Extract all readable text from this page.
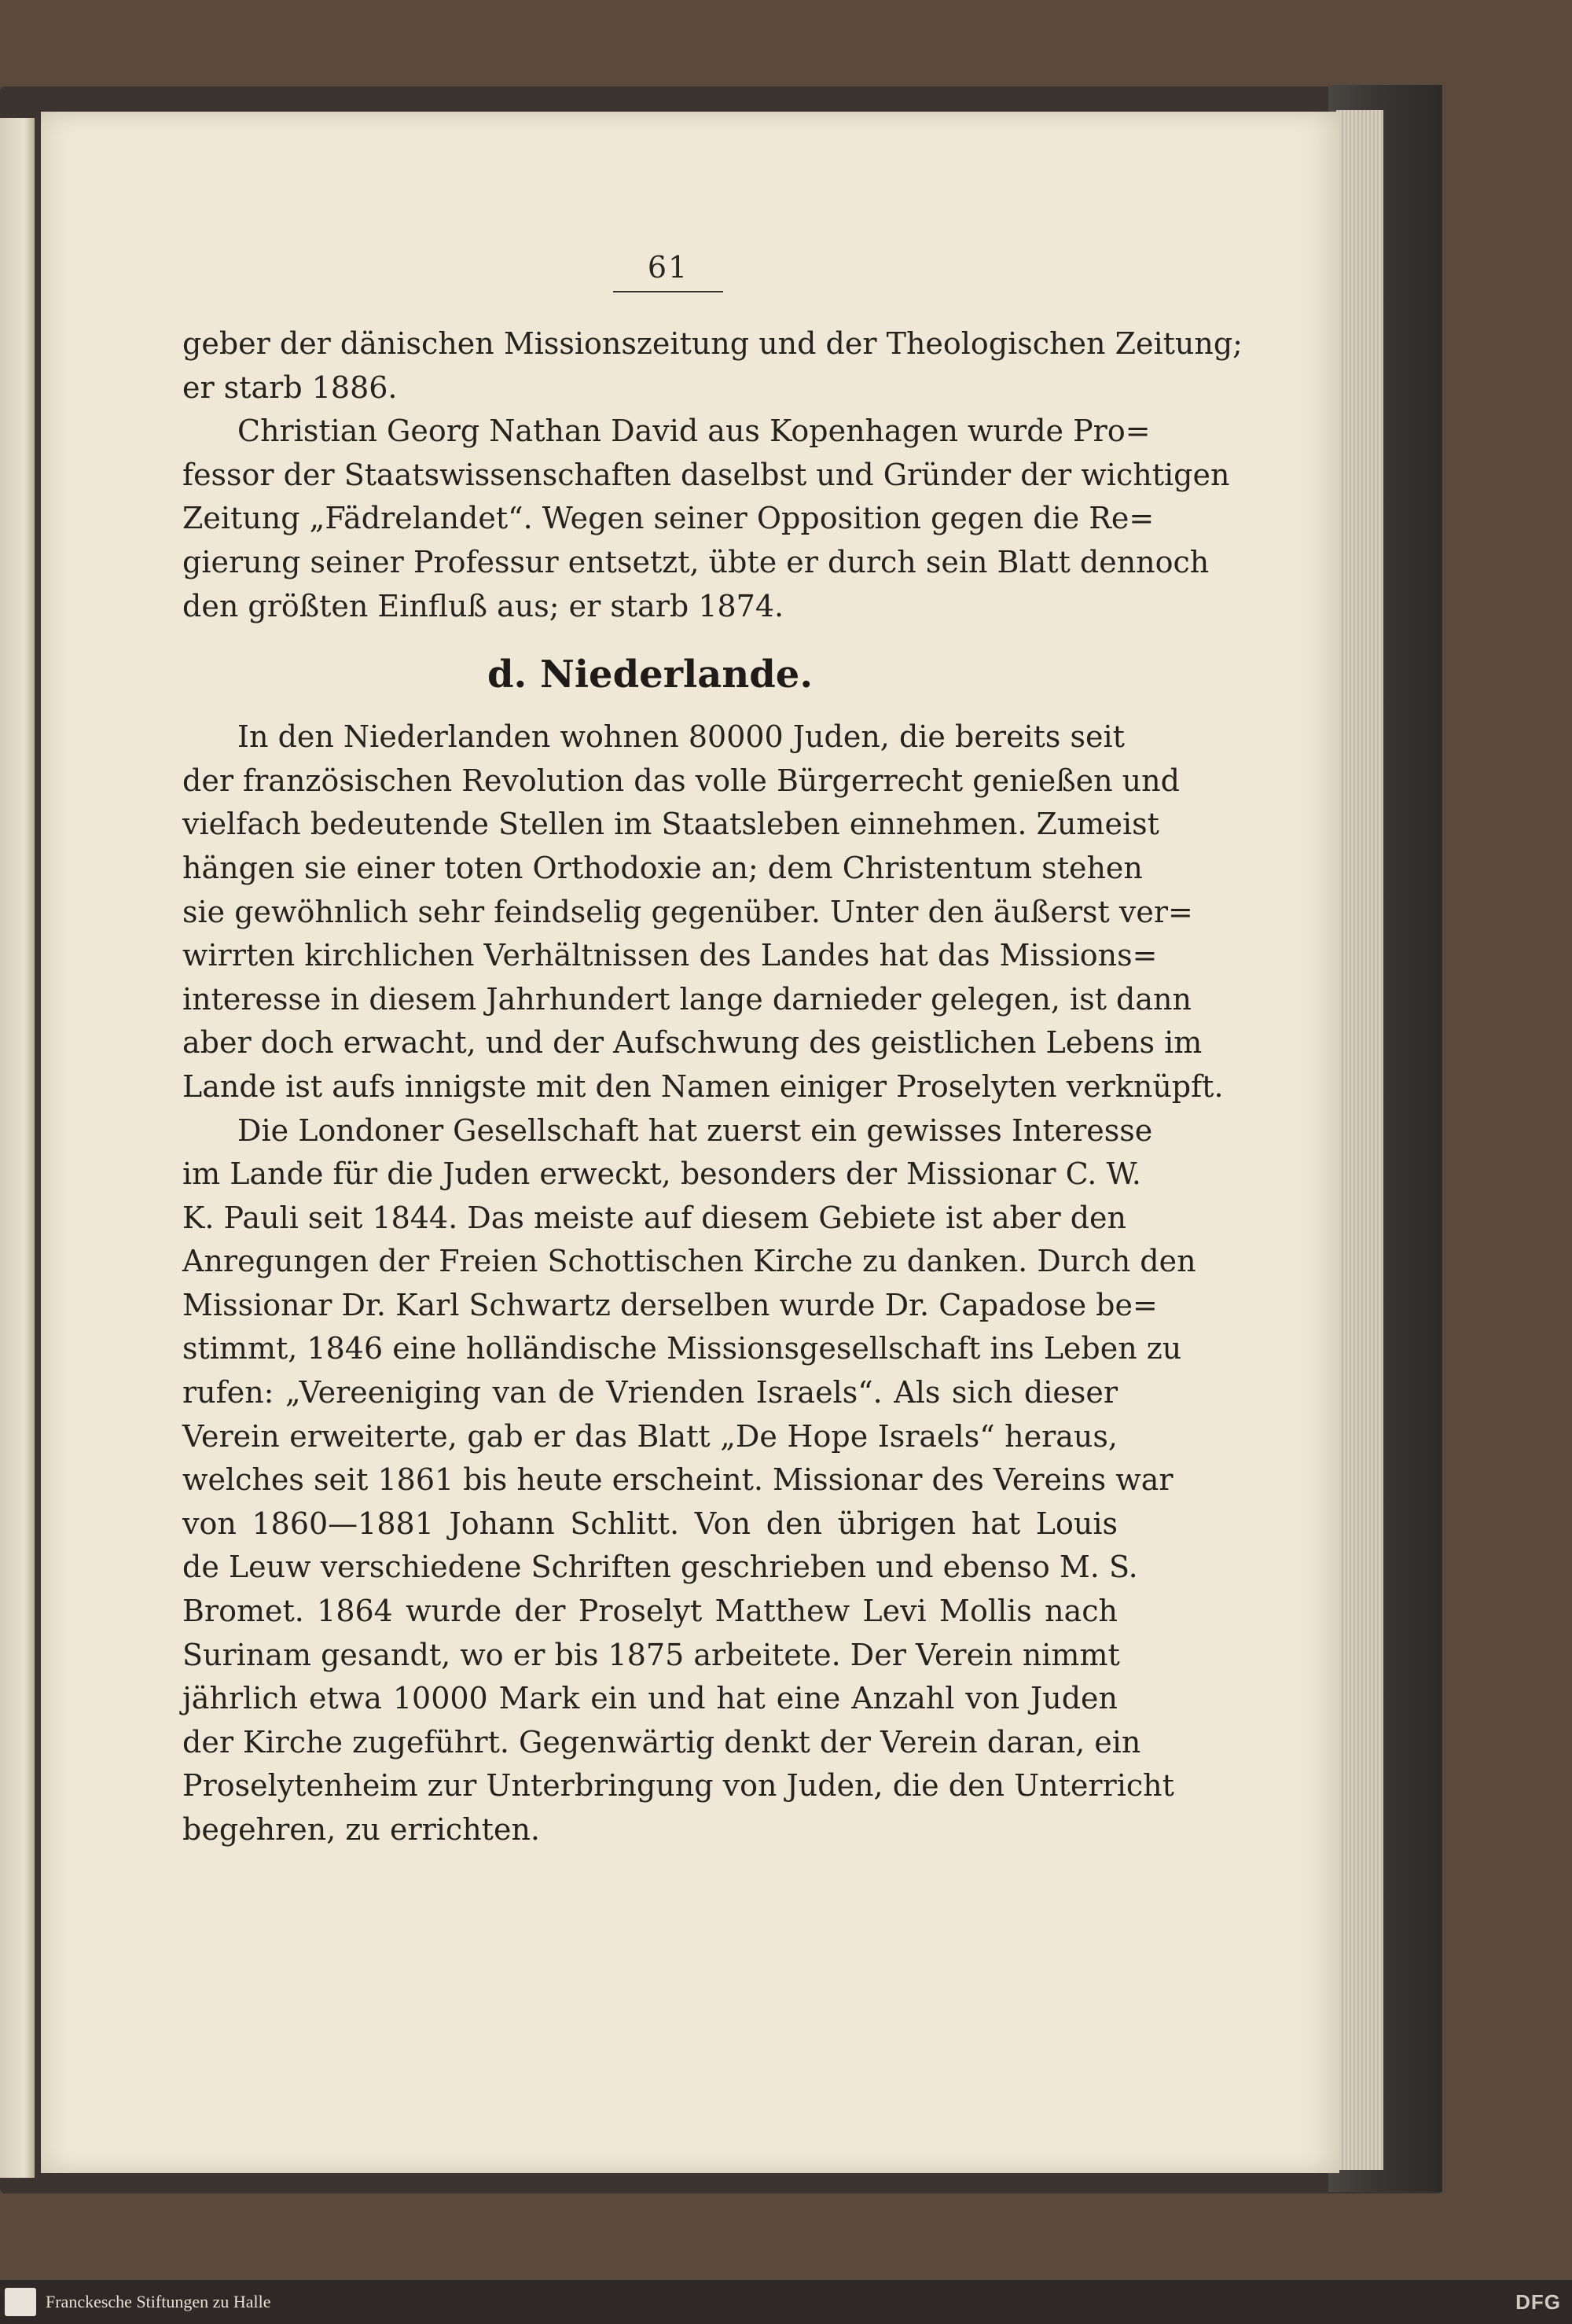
61
geber der dänischen Missionszeitung und der Theologischen Zeitung;
er starb 1886.
Christian Georg Nathan David aus Kopenhagen wurde Pro=
fessor der Staatswissenschaften daselbst und Gründer der wichtigen
Zeitung „Fädrelandet“. Wegen seiner Opposition gegen die Re=
gierung seiner Professur entsetzt, übte er durch sein Blatt dennoch
den größten Einfluß aus; er starb 1874.
d. Niederlande.
In den Niederlanden wohnen 80000 Juden, die bereits seit
der französischen Revolution das volle Bürgerrecht genießen und
vielfach bedeutende Stellen im Staatsleben einnehmen. Zumeist
hängen sie einer toten Orthodoxie an; dem Christentum stehen
sie gewöhnlich sehr feindselig gegenüber. Unter den äußerst ver=
wirrten kirchlichen Verhältnissen des Landes hat das Missions=
interesse in diesem Jahrhundert lange darnieder gelegen, ist dann
aber doch erwacht, und der Aufschwung des geistlichen Lebens im
Lande ist aufs innigste mit den Namen einiger Proselyten verknüpft.
Die Londoner Gesellschaft hat zuerst ein gewisses Interesse
im Lande für die Juden erweckt, besonders der Missionar C. W.
K. Pauli seit 1844. Das meiste auf diesem Gebiete ist aber den
Anregungen der Freien Schottischen Kirche zu danken. Durch den
Missionar Dr. Karl Schwartz derselben wurde Dr. Capadose be=
stimmt, 1846 eine holländische Missionsgesellschaft ins Leben zu
rufen: „Vereeniging van de Vrienden Israels“. Als sich dieser
Verein erweiterte, gab er das Blatt „De Hope Israels“ heraus,
welches seit 1861 bis heute erscheint. Missionar des Vereins war
von 1860—1881 Johann Schlitt. Von den übrigen hat Louis
de Leuw verschiedene Schriften geschrieben und ebenso M. S.
Bromet. 1864 wurde der Proselyt Matthew Levi Mollis nach
Surinam gesandt, wo er bis 1875 arbeitete. Der Verein nimmt
jährlich etwa 10000 Mark ein und hat eine Anzahl von Juden
der Kirche zugeführt. Gegenwärtig denkt der Verein daran, ein
Proselytenheim zur Unterbringung von Juden, die den Unterricht
begehren, zu errichten.
Franckesche Stiftungen zu Halle	DFG
